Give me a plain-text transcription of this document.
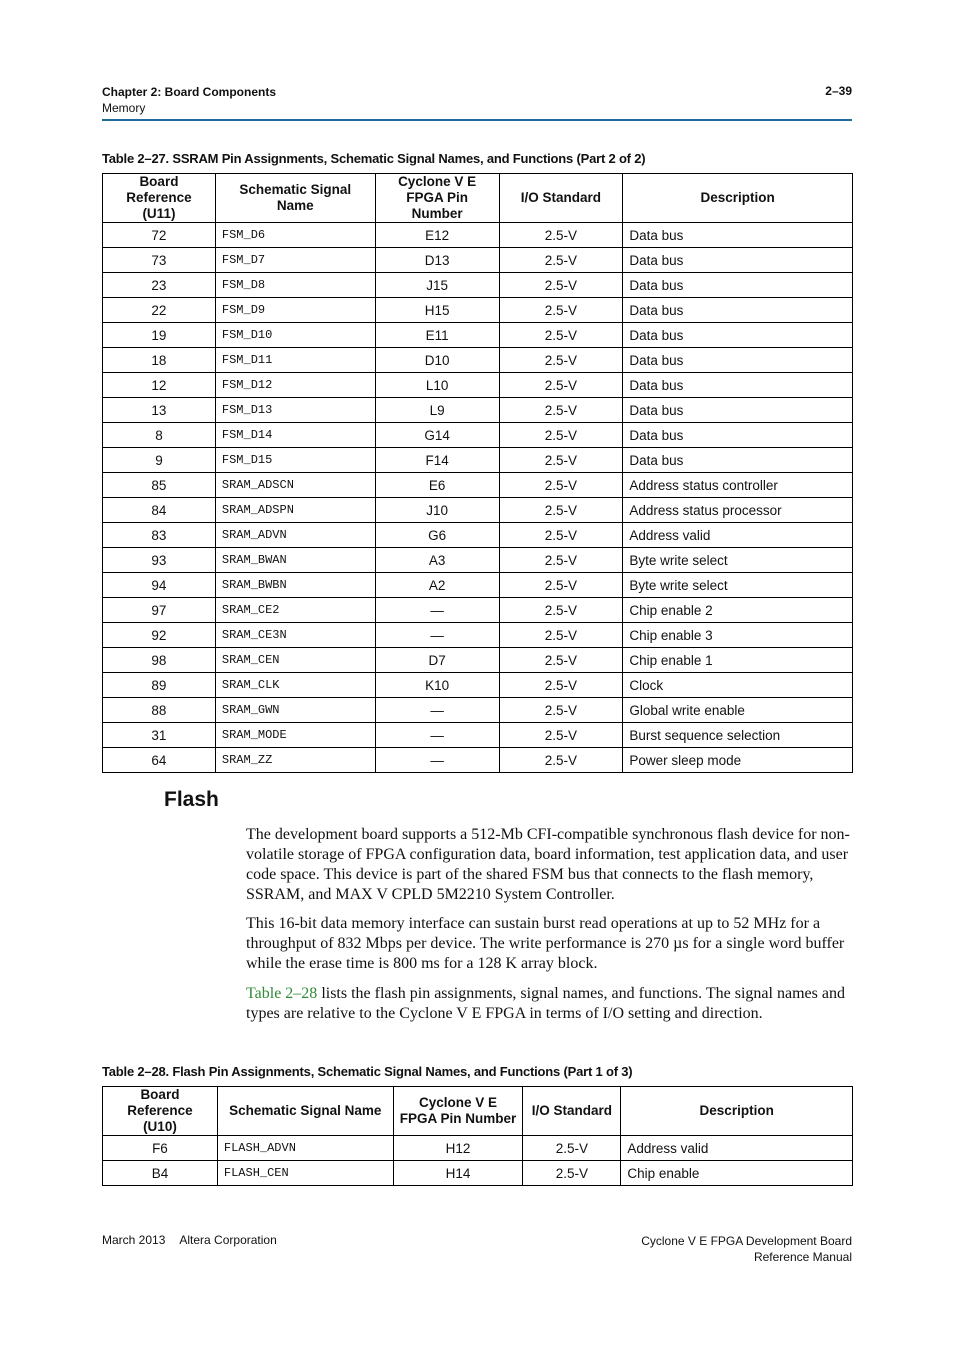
Chapter 2: Board Components
Memory
2–39
Table 2–27. SSRAM Pin Assignments, Schematic Signal Names, and Functions (Part 2 of 2)
Board Reference (U11)	Schematic Signal Name	Cyclone V E FPGA Pin Number	I/O Standard	Description
72	FSM_D6	E12	2.5-V	Data bus
73	FSM_D7	D13	2.5-V	Data bus
23	FSM_D8	J15	2.5-V	Data bus
22	FSM_D9	H15	2.5-V	Data bus
19	FSM_D10	E11	2.5-V	Data bus
18	FSM_D11	D10	2.5-V	Data bus
12	FSM_D12	L10	2.5-V	Data bus
13	FSM_D13	L9	2.5-V	Data bus
8	FSM_D14	G14	2.5-V	Data bus
9	FSM_D15	F14	2.5-V	Data bus
85	SRAM_ADSCN	E6	2.5-V	Address status controller
84	SRAM_ADSPN	J10	2.5-V	Address status processor
83	SRAM_ADVN	G6	2.5-V	Address valid
93	SRAM_BWAN	A3	2.5-V	Byte write select
94	SRAM_BWBN	A2	2.5-V	Byte write select
97	SRAM_CE2	—	2.5-V	Chip enable 2
92	SRAM_CE3N	—	2.5-V	Chip enable 3
98	SRAM_CEN	D7	2.5-V	Chip enable 1
89	SRAM_CLK	K10	2.5-V	Clock
88	SRAM_GWN	—	2.5-V	Global write enable
31	SRAM_MODE	—	2.5-V	Burst sequence selection
64	SRAM_ZZ	—	2.5-V	Power sleep mode
Flash

The development board supports a 512-Mb CFI-compatible synchronous flash device for non-volatile storage of FPGA configuration data, board information, test application data, and user code space. This device is part of the shared FSM bus that connects to the flash memory, SSRAM, and MAX V CPLD 5M2210 System Controller.

This 16-bit data memory interface can sustain burst read operations at up to 52 MHz for a throughput of 832 Mbps per device. The write performance is 270 µs for a single word buffer while the erase time is 800 ms for a 128 K array block.

Table 2–28 lists the flash pin assignments, signal names, and functions. The signal names and types are relative to the Cyclone V E FPGA in terms of I/O setting and direction.

Table 2–28. Flash Pin Assignments, Schematic Signal Names, and Functions (Part 1 of 3)
Board Reference (U10)	Schematic Signal Name	Cyclone V E FPGA Pin Number	I/O Standard	Description
F6	FLASH_ADVN	H12	2.5-V	Address valid
B4	FLASH_CEN	H14	2.5-V	Chip enable
March 2013 Altera Corporation	Cyclone V E FPGA Development Board
Reference Manual
